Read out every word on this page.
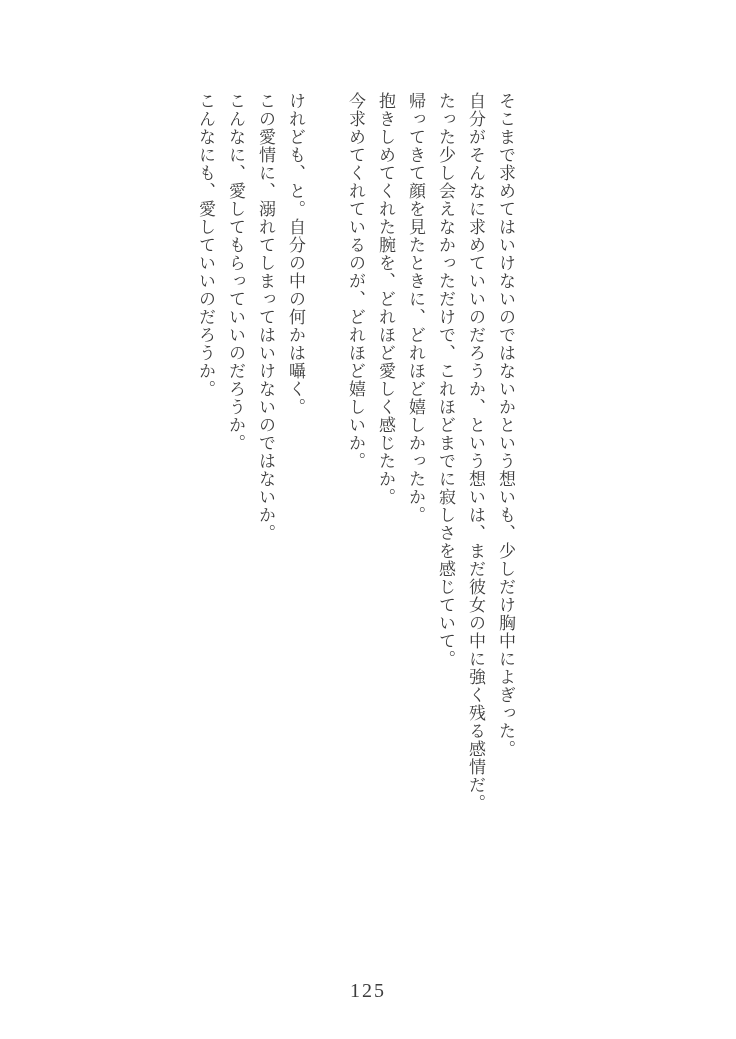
そこまで求めてはいけないのではないかという想いも、少しだけ胸中によぎった。

自分がそんなに求めていいのだろうか、という想いは、まだ彼女の中に強く残る感情だ。

たった少し会えなかっただけで、これほどまでに寂しさを感じていて。

帰ってきて顔を見たときに、どれほど嬉しかったか。

抱きしめてくれた腕を、どれほど愛しく感じたか。

今求めてくれているのが、どれほど嬉しいか。

けれども、と。自分の中の何かは囁く。

この愛情に、溺れてしまってはいけないのではないか。

こんなに、愛してもらっていいのだろうか。

こんなにも、愛していいのだろうか。

125
